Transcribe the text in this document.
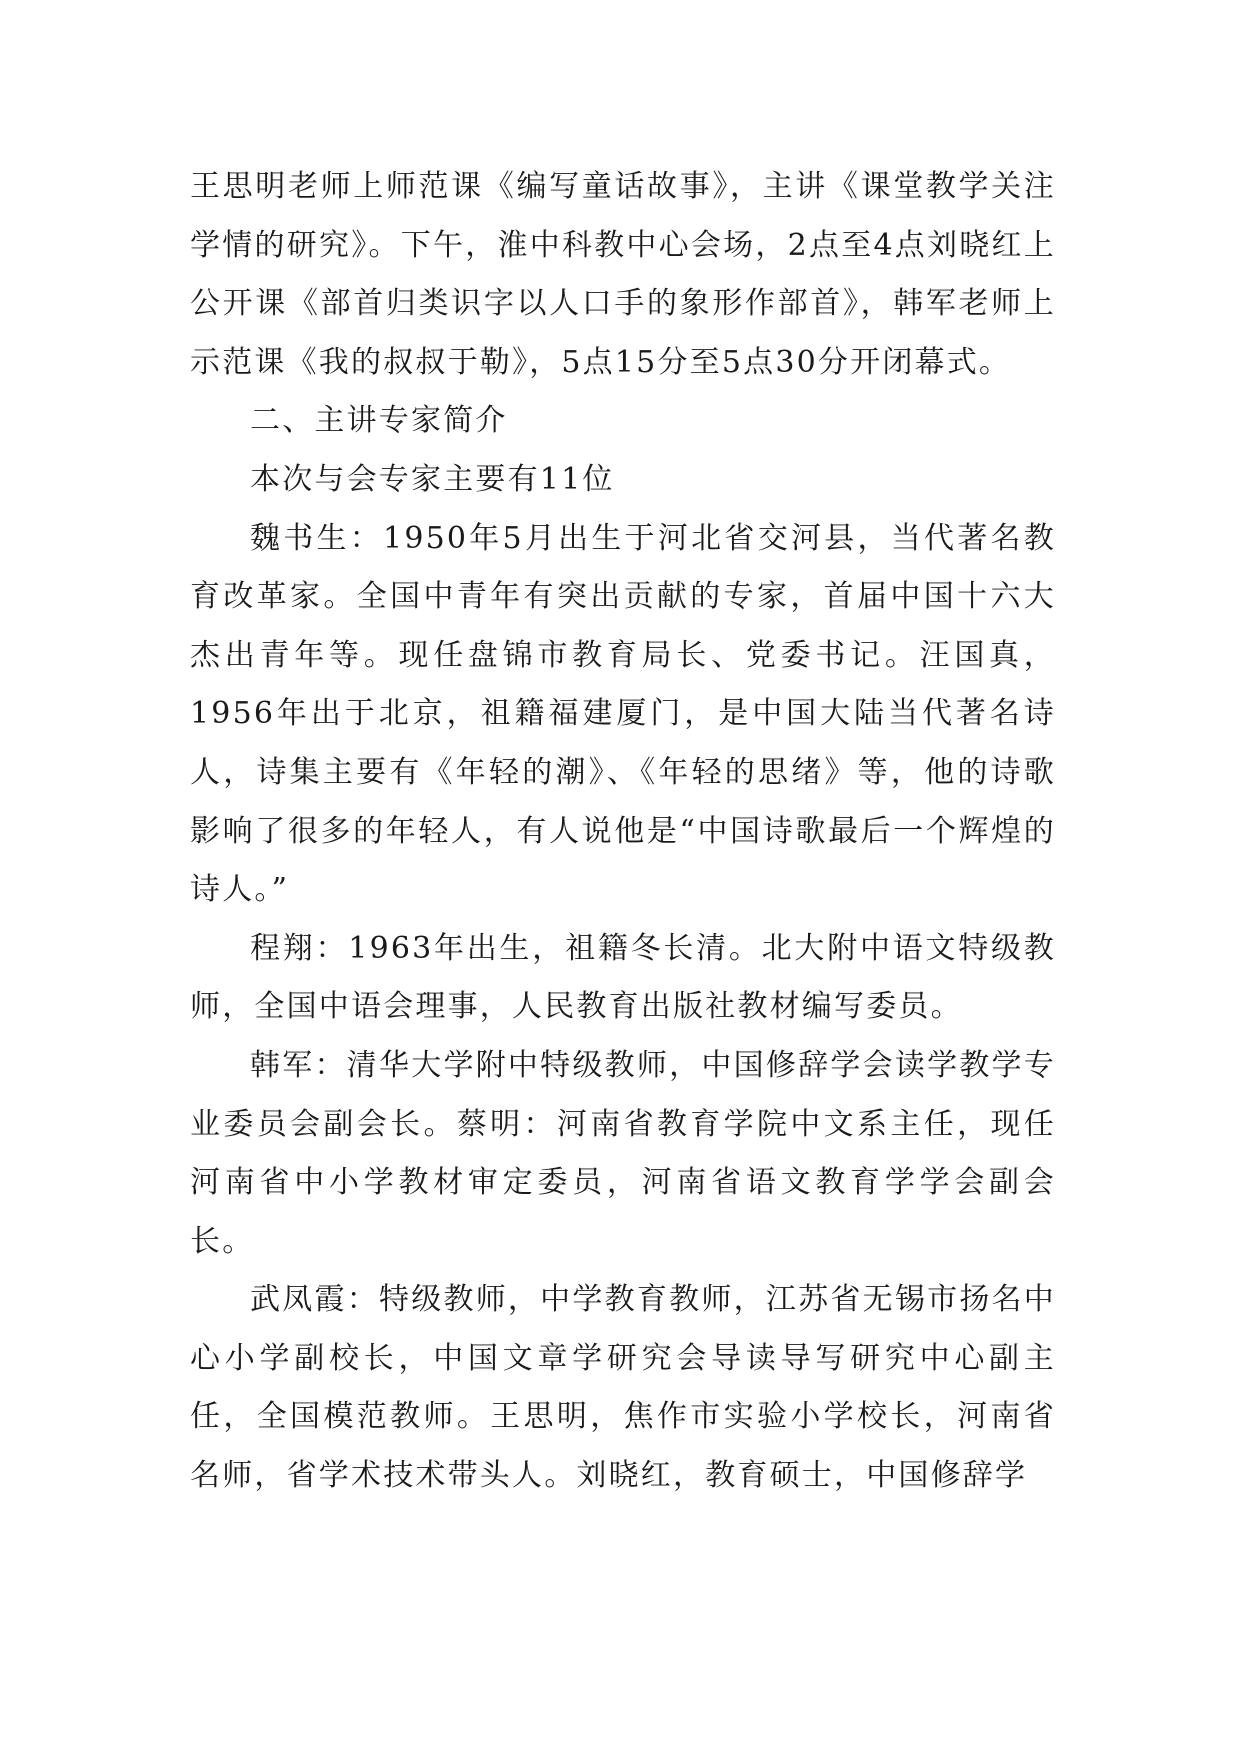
王思明老师上师范课《编写童话故事》，主讲《课堂教学关注学情的研究》。下午，淮中科教中心会场，2点至4点刘晓红上公开课《部首归类识字以人口手的象形作部首》，韩军老师上示范课《我的叔叔于勒》，5点15分至5点30分开闭幕式。

二、主讲专家简介

本次与会专家主要有11位

魏书生：1950年5月出生于河北省交河县，当代著名教育改革家。全国中青年有突出贡献的专家，首届中国十六大杰出青年等。现任盘锦市教育局长、党委书记。汪国真，1956年出于北京，祖籍福建厦门，是中国大陆当代著名诗人，诗集主要有《年轻的潮》、《年轻的思绪》等，他的诗歌影响了很多的年轻人，有人说他是“中国诗歌最后一个辉煌的诗人。”

程翔：1963年出生，祖籍冬长清。北大附中语文特级教师，全国中语会理事，人民教育出版社教材编写委员。

韩军：清华大学附中特级教师，中国修辞学会读学教学专业委员会副会长。蔡明：河南省教育学院中文系主任，现任河南省中小学教材审定委员，河南省语文教育学学会副会长。

武凤霞：特级教师，中学教育教师，江苏省无锡市扬名中心小学副校长，中国文章学研究会导读导写研究中心副主任，全国模范教师。王思明，焦作市实验小学校长，河南省名师，省学术技术带头人。刘晓红，教育硕士，中国修辞学
